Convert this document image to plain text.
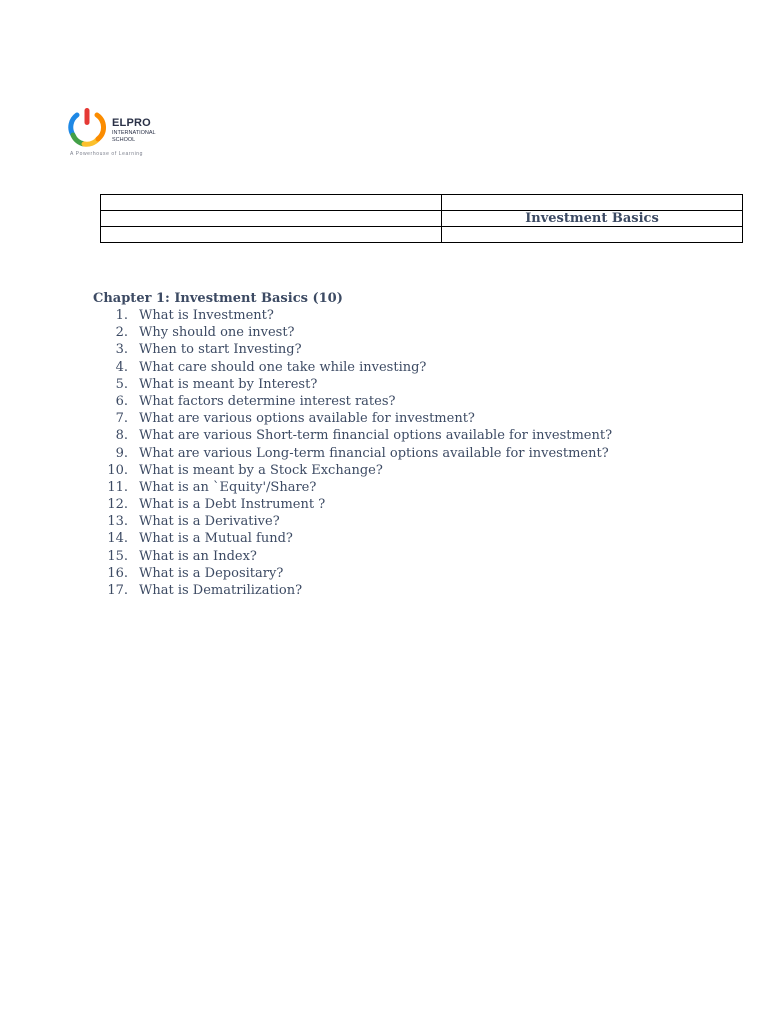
ELPRO
INTERNATIONAL SCHOOL
A Powerhouse of Learning

	Investment Basics

Chapter 1: Investment Basics (10)

1. What is Investment?
2. Why should one invest?
3. When to start Investing?
4. What care should one take while investing?
5. What is meant by Interest?
6. What factors determine interest rates?
7. What are various options available for investment?
8. What are various Short-term financial options available for investment?
9. What are various Long-term financial options available for investment?
10. What is meant by a Stock Exchange?
11. What is an `Equity'/Share?
12. What is a Debt Instrument ?
13. What is a Derivative?
14. What is a Mutual fund?
15. What is an Index?
16. What is a Depositary?
17. What is Dematrilization?
